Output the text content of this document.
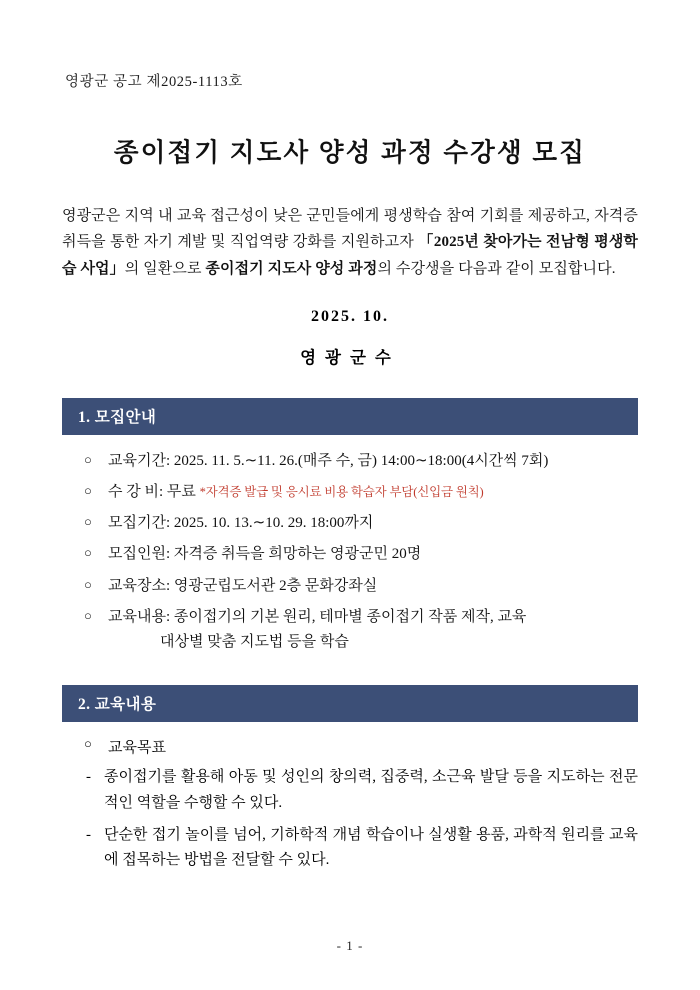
영광군 공고 제2025-1113호
종이접기 지도사 양성 과정 수강생 모집

영광군은 지역 내 교육 접근성이 낮은 군민들에게 평생학습 참여 기회를 제공하고, 자격증 취득을 통한 자기 계발 및 직업역량 강화를 지원하고자 「2025년 찾아가는 전남형 평생학습 사업」의 일환으로 종이접기 지도사 양성 과정의 수강생을 다음과 같이 모집합니다.

2025. 10.
영광군수
1. 모집안내
○ 교육기간: 2025. 11. 5.∼11. 26.(매주 수, 금) 14:00∼18:00(4시간씩 7회)
○ 수 강 비: 무료 *자격증 발급 및 응시료 비용 학습자 부담(신입금 원칙)
○ 모집기간: 2025. 10. 13.∼10. 29. 18:00까지
○ 모집인원: 자격증 취득을 희망하는 영광군민 20명
○ 교육장소: 영광군립도서관 2층 문화강좌실
○ 교육내용: 종이접기의 기본 원리, 테마별 종이접기 작품 제작, 교육
대상별 맞춤 지도법 등을 학습
2. 교육내용
○ 교육목표
- 종이접기를 활용해 아동 및 성인의 창의력, 집중력, 소근육 발달 등을 지도하는 전문적인 역할을 수행할 수 있다.
- 단순한 접기 놀이를 넘어, 기하학적 개념 학습이나 실생활 용품, 과학적 원리를 교육에 접목하는 방법을 전달할 수 있다.
- 1 -
